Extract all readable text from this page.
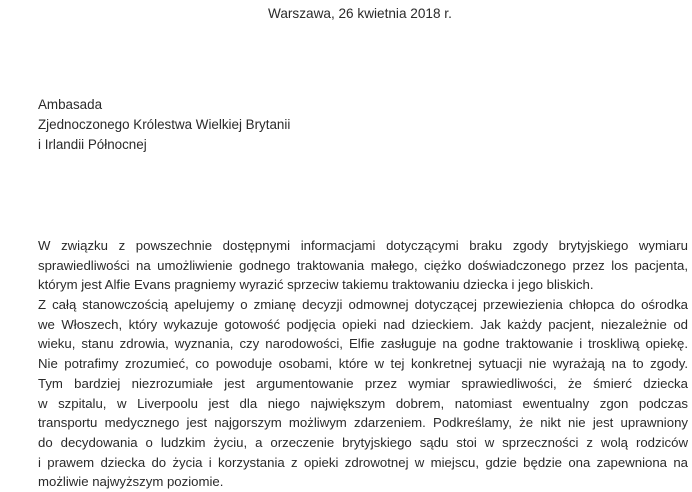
Warszawa, 26 kwietnia 2018 r.
Ambasada
Zjednoczonego Królestwa Wielkiej Brytanii
i Irlandii Północnej
W związku z powszechnie dostępnymi informacjami dotyczącymi braku zgody brytyjskiego wymiaru
sprawiedliwości na umożliwienie godnego traktowania małego, ciężko doświadczonego przez los pacjenta,
którym jest Alfie Evans pragniemy wyrazić sprzeciw takiemu traktowaniu dziecka i jego bliskich.
Z całą stanowczością apelujemy o zmianę decyzji odmownej dotyczącej przewiezienia chłopca do ośrodka
we Włoszech, który wykazuje gotowość podjęcia opieki nad dzieckiem. Jak każdy pacjent, niezależnie od
wieku, stanu zdrowia, wyznania, czy narodowości, Elfie zasługuje na godne traktowanie i troskliwą opiekę.
Nie potrafimy zrozumieć, co powoduje osobami, które w tej konkretnej sytuacji nie wyrażają na to zgody.
Tym bardziej niezrozumiałe jest argumentowanie przez wymiar sprawiedliwości, że śmierć dziecka
w szpitalu, w Liverpoolu jest dla niego największym dobrem, natomiast ewentualny zgon podczas
transportu medycznego jest najgorszym możliwym zdarzeniem. Podkreślamy, że nikt nie jest uprawniony
do decydowania o ludzkim życiu, a orzeczenie brytyjskiego sądu stoi w sprzeczności z wolą rodziców
i prawem dziecka do życia i korzystania z opieki zdrowotnej w miejscu, gdzie będzie ona zapewniona na
możliwie najwyższym poziomie.
